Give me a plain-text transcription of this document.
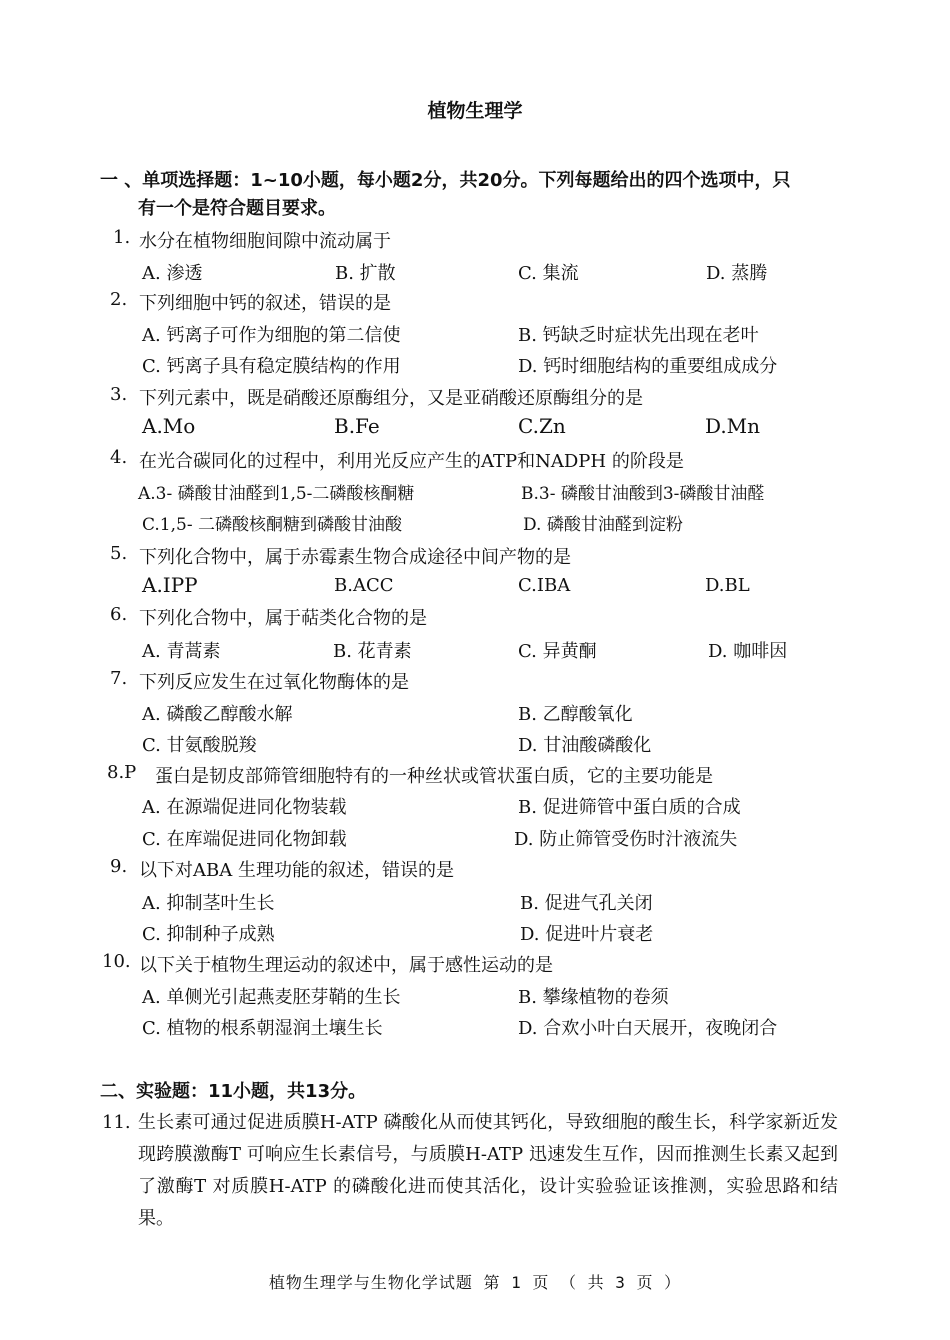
植物生理学
一 、单项选择题：1~10小题，每小题2分，共20分。下列每题给出的四个选项中，只
有一个是符合题目要求。
1. 水分在植物细胞间隙中流动属于
A. 渗透	B. 扩散	C. 集流	D. 蒸腾
2. 下列细胞中钙的叙述，错误的是
A. 钙离子可作为细胞的第二信使	B. 钙缺乏时症状先出现在老叶
C. 钙离子具有稳定膜结构的作用	D. 钙时细胞结构的重要组成成分
3. 下列元素中，既是硝酸还原酶组分，又是亚硝酸还原酶组分的是
A.Mo	B.Fe	C.Zn	D.Mn
4. 在光合碳同化的过程中，利用光反应产生的ATP和NADPH 的阶段是
A.3- 磷酸甘油醛到1,5-二磷酸核酮糖	B.3- 磷酸甘油酸到3-磷酸甘油醛
C.1,5- 二磷酸核酮糖到磷酸甘油酸	D. 磷酸甘油醛到淀粉
5. 下列化合物中，属于赤霉素生物合成途径中间产物的是
A.IPP	B.ACC	C.IBA	D.BL
6. 下列化合物中，属于萜类化合物的是
A. 青蒿素	B. 花青素	C. 异黄酮	D. 咖啡因
7. 下列反应发生在过氧化物酶体的是
A. 磷酸乙醇酸水解	B. 乙醇酸氧化
C. 甘氨酸脱羧	D. 甘油酸磷酸化
8.P 蛋白是韧皮部筛管细胞特有的一种丝状或管状蛋白质，它的主要功能是
A. 在源端促进同化物装载	B. 促进筛管中蛋白质的合成
C. 在库端促进同化物卸载	D. 防止筛管受伤时汁液流失
9. 以下对ABA 生理功能的叙述，错误的是
A. 抑制茎叶生长	B. 促进气孔关闭
C. 抑制种子成熟	D. 促进叶片衰老
10. 以下关于植物生理运动的叙述中，属于感性运动的是
A. 单侧光引起燕麦胚芽鞘的生长	B. 攀缘植物的卷须
C. 植物的根系朝湿润土壤生长	D. 合欢小叶白天展开，夜晚闭合
二、实验题：11小题，共13分。
11. 生长素可通过促进质膜H-ATP 磷酸化从而使其钙化，导致细胞的酸生长，科学家新近发现跨膜激酶T 可响应生长素信号，与质膜H-ATP 迅速发生互作，因而推测生长素又起到了激酶T 对质膜H-ATP 的磷酸化进而使其活化，设计实验验证该推测，实验思路和结果。
植物生理学与生物化学试题 第 1 页 （ 共 3 页 ）
